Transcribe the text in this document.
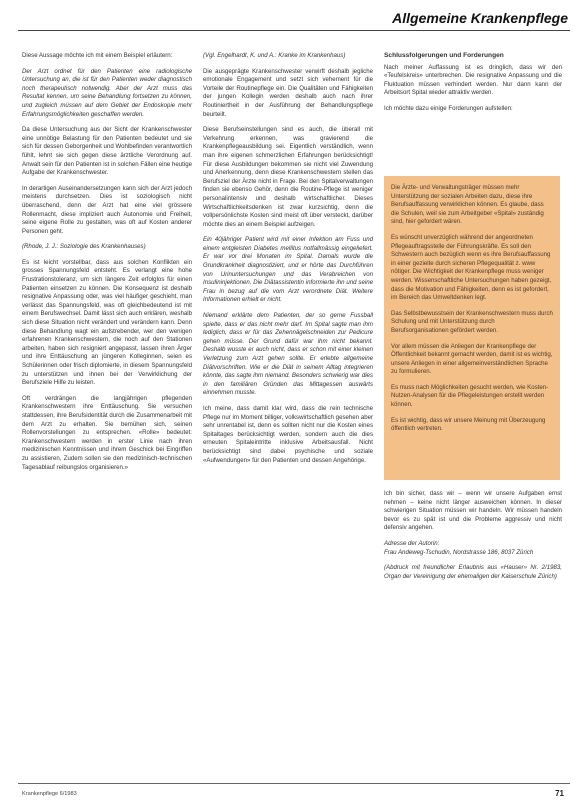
Allgemeine Krankenpflege

Diese Aussage möchte ich mit einem Beispiel erläutern:

Der Arzt ordnet für den Patienten eine radiologische Untersuchung an, die ist für den Patienten weder diagnostisch noch therapeutisch notwendig. Aber der Arzt muss das Resultat kennen, um seine Behandlung fortsetzen zu können, und zugleich müssen auf dem Gebiet der Endoskopie mehr Erfahrungsmöglichkeiten geschaffen werden.

Da diese Untersuchung aus der Sicht der Krankenschwester eine unnötige Belastung für den Patienten bedeutet und sie sich für dessen Geborgenheit und Wohlbefinden verantwortlich fühlt, lehnt sie sich gegen diese ärztliche Verordnung auf. Anwalt sein für den Patienten ist in solchen Fällen eine heutige Aufgabe der Krankenschwester.

In derartigen Auseinandersetzungen kann sich der Arzt jedoch meistens durchsetzen. Dies ist soziologisch nicht überraschend, denn der Arzt hat eine viel grössere Rollenmacht, diese impliziert auch Autonomie und Freiheit, seine eigene Rolle zu gestalten, was oft auf Kosten anderer Personen geht.

(Rhode, J. J.: Soziologie des Krankenhauses)

Es ist leicht vorstellbar, dass aus solchen Konflikten ein grosses Spannungsfeld entsteht. Es verlangt eine hohe Frustrationstoleranz, um sich längere Zeit erfolglos für einen Patienten einsetzen zu können. Die Konsequenz ist deshalb resignative Anpassung oder, was viel häufiger geschieht, man verlässt das Spannungsfeld, was oft gleichbedeutend ist mit einem Berufswechsel. Damit lässt sich auch erklären, weshalb sich diese Situation nicht verändert und verändern kann. Denn diese Behandlung wagt ein aufstrebender, wer den wenigen erfahrenen Krankenschwestern, die noch auf den Stationen arbeiten, haben sich resigniert angepasst, lassen ihren Ärger und ihre Enttäuschung an jüngeren Kolleginnen, seien es Schülerinnen oder frisch diplomierte, in diesem Spannungsfeld zu unterstützen und ihnen bei der Verwirklichung der Berufsziele Hilfe zu leisten.

Oft verdrängen die langjährigen pflegenden Krankenschwestern ihre Enttäuschung. Sie versuchen stattdessen, ihre Berufsidentität durch die Zusammenarbeit mit dem Arzt zu erhalten. Sie bemühen sich, seinen Rollenvorstellungen zu entsprechen. «Rolle» bedeutet: Krankenschwestern werden in erster Linie nach ihren medizinischen Kenntnissen und ihrem Geschick bei Eingriffen zu assistieren, Zudem sollen sie den medizinisch-technischen Tagesablauf reibungslos organisieren.»

(Vgl. Engelhardt, K. und A.: Kranke im Krankenhaus)

Die ausgeprägte Krankenschwester verwirft deshalb jegliche emotionale Engagement und setzt sich vehement für die Vorteile der Routinepflege ein. Die Qualitäten und Fähigkeiten der jungen Kollegin werden deshalb auch nach ihrer Routiniertheit in der Ausführung der Behandlungspflege beurteilt.

Diese Berufseinstellungen sind es auch, die überall mit Verkehrung erkennen, was gravierend die Krankenpflegeausbildung sei. Eigentlich verständlich, wenn man ihre eigenen schmerzlichen Erfahrungen berücksichtigt! Für diese Ausbildungen bekommen sie nicht viel Zuwendung und Anerkennung, denn diese Krankenschwestern stellen das Berufsziel der Ärzte nicht in Frage. Bei den Spitalverwaltungen finden sie ebenso Gehör, denn die Routine-Pflege ist weniger personalintensiv und deshalb wirtschaftlicher. Dieses Wirtschaftlichkeitsdenken ist zwar kurzsichtig, denn die vollpersönlichste Kosten sind meist oft über versteckt, darüber möchte dies an einem Beispiel aufzeigen.

Ein 40jähriger Patient wird mit einer Infektion am Fuss und einem entgleisten Diabetes mellitus notfallmässig eingeliefert. Er war vor drei Monaten im Spital. Damals wurde die Grundkrankheit diagnostiziert, und er hörte das Durchführen von Urinuntersuchungen und das Verabreichen von Insulininjektionen. Die Diätassistentin informierte ihn und seine Frau in bezug auf die vom Arzt verordnete Diät. Weitere Informationen erhielt er nicht.

Niemand erklärte dem Patienten, der so gerne Fussball spielte, dass er das nicht mehr darf. Im Spital sagte man ihm lediglich, dass er für das Zehennägelschneiden zur Pedicure gehen müsse. Der Grund dafür war ihm nicht bekannt. Deshalb wusste er auch nicht, dass er schon mit einer kleinen Verletzung zum Arzt gehen sollte. Er erlebte allgemeine Diätvorschriften. Wie er die Diät in seinem Alltag integrieren könnte, das sagte ihm niemand. Besonders schwierig war dies in den familiären Gründen das Mittagessen auswärts einnehmen musste.

Ich meine, dass damit klar wird, dass die rein technische Pflege nur im Moment billiger, volkswirtschaftlich gesehen aber sehr unrentabel ist, denn es sollten nicht nur die Kosten eines Spitaltages berücksichtigt werden, sondern auch die dies erneuten Spitaleintritte inklusive Arbeitsausfall. Nicht berücksichtigt sind dabei psychische und soziale «Aufwendungen» für den Patienten und dessen Angehörige.

Schlussfolgerungen und Forderungen

Nach meiner Auffassung ist es dringlich, dass wir den «Teufelskreis» unterbrechen. Die resignative Anpassung und die Fluktuation müssen verhindert werden. Nur dann kann der Arbeitsort Spital wieder attraktiv werden.

Ich möchte dazu einige Forderungen aufstellen:

Die Ärzte- und Verwaltungsträger müssen mehr Unterstützung der sozialen Arbeiten dazu, diese ihre Berufsauffassung verwirklichen können. Es glaube, dass die Schulen, weil sie zum Arbeitgeber «Spital» zuständig sind, hier gefordert wären.

Es wünscht unverzüglich während der angeordneten Pflegeauftragsstelle der Führungskräfte. Es soll den Schwestern auch bezüglich wenn es ihre Berufsauffassung in einer gezielte durch sicheren Pflegequalität z. www nötiger. Die Wichtigkeit der Krankenpflege muss weniger werden. Wissenschaftliche Untersuchungen haben gezeigt, dass die Motivation und Fähigkeiten, denn es ist gefordert, im Bereich das Umweltdenken legt.

Das Selbstbewusstsein der Krankenschwestern muss durch Schulung und mit Unterstützung durch Berufsorganisationen gefördert werden.

Vor allem müssen die Anliegen der Krankenpflege der Öffentlichkeit bekannt gemacht werden, damit ist es wichtig, unsere Anliegen in einer allgemeinverständlichen Sprache zu formulieren.

Es muss nach Möglichkeiten gesucht werden, wie Kosten-Nutzen-Analysen für die Pflegeleistungen erstellt werden können.

Es ist wichtig, dass wir unsere Meinung mit Überzeugung öffentlich vertreten.

Ich bin sicher, dass wir – wenn wir unsere Aufgaben ernst nehmen – keine nicht länger ausweichen können. In dieser schwierigen Situation müssen wir handeln. Wir müssen handeln bevor es zu spät ist und die Probleme aggressiv und nicht defensiv angehen.

Adresse der Autorin:
Frau Andeweg-Tschudin, Nordstrasse 186, 8037 Zürich

(Abdruck mit freundlicher Erlaubnis aus «Hauser» Nr. 2/1983, Organ der Vereinigung der ehemaligen der Kaiserschule Zürich)

Krankenpflege 6/1983	71
